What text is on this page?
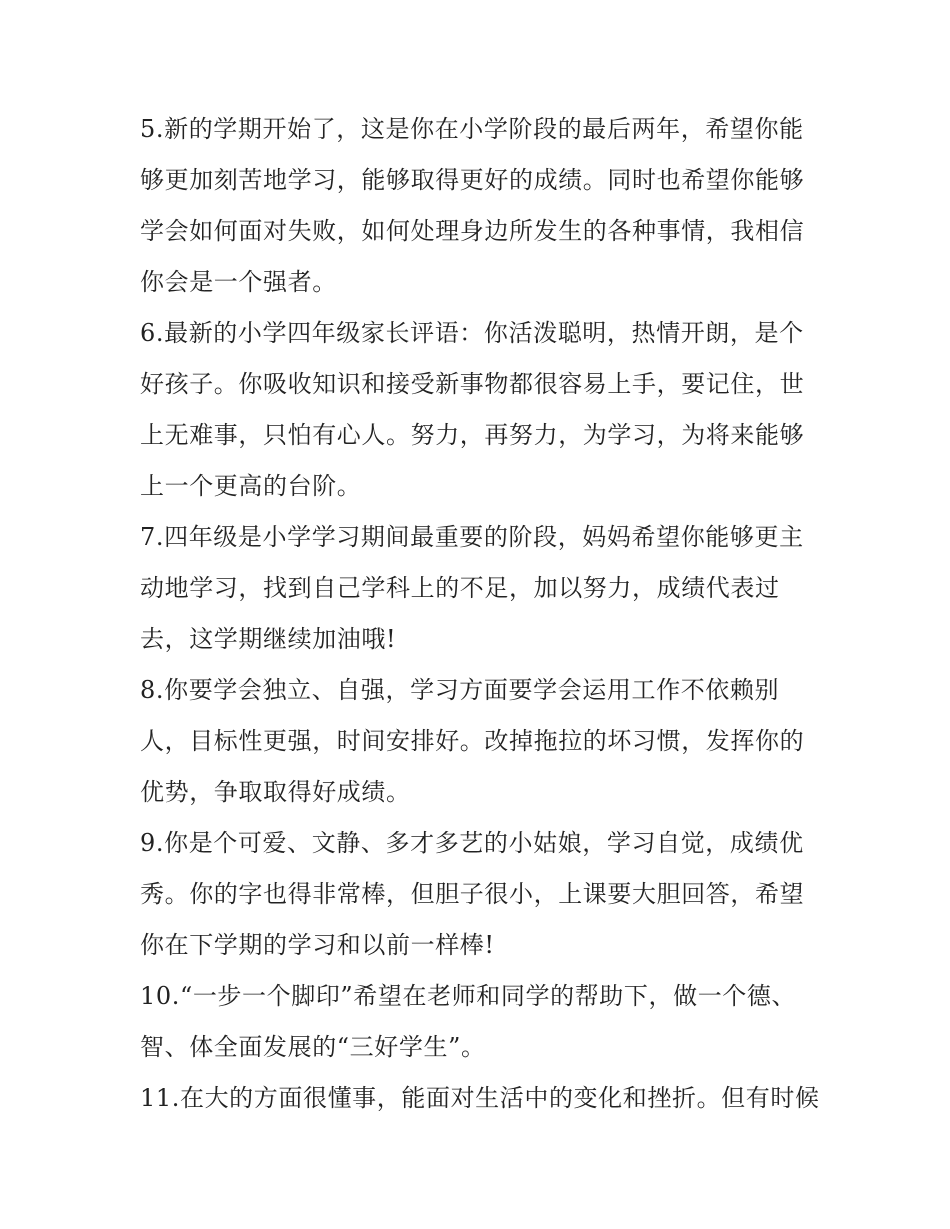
5.新的学期开始了，这是你在小学阶段的最后两年，希望你能
够更加刻苦地学习，能够取得更好的成绩。同时也希望你能够
学会如何面对失败，如何处理身边所发生的各种事情，我相信
你会是一个强者。
6.最新的小学四年级家长评语：你活泼聪明，热情开朗，是个
好孩子。你吸收知识和接受新事物都很容易上手，要记住，世
上无难事，只怕有心人。努力，再努力，为学习，为将来能够
上一个更高的台阶。
7.四年级是小学学习期间最重要的阶段，妈妈希望你能够更主
动地学习，找到自己学科上的不足，加以努力，成绩代表过
去，这学期继续加油哦!
8.你要学会独立、自强，学习方面要学会运用工作不依赖别
人，目标性更强，时间安排好。改掉拖拉的坏习惯，发挥你的
优势，争取取得好成绩。
9.你是个可爱、文静、多才多艺的小姑娘，学习自觉，成绩优
秀。你的字也得非常棒，但胆子很小，上课要大胆回答，希望
你在下学期的学习和以前一样棒!
10.“一步一个脚印”希望在老师和同学的帮助下，做一个德、
智、体全面发展的“三好学生”。
11.在大的方面很懂事，能面对生活中的变化和挫折。但有时候
